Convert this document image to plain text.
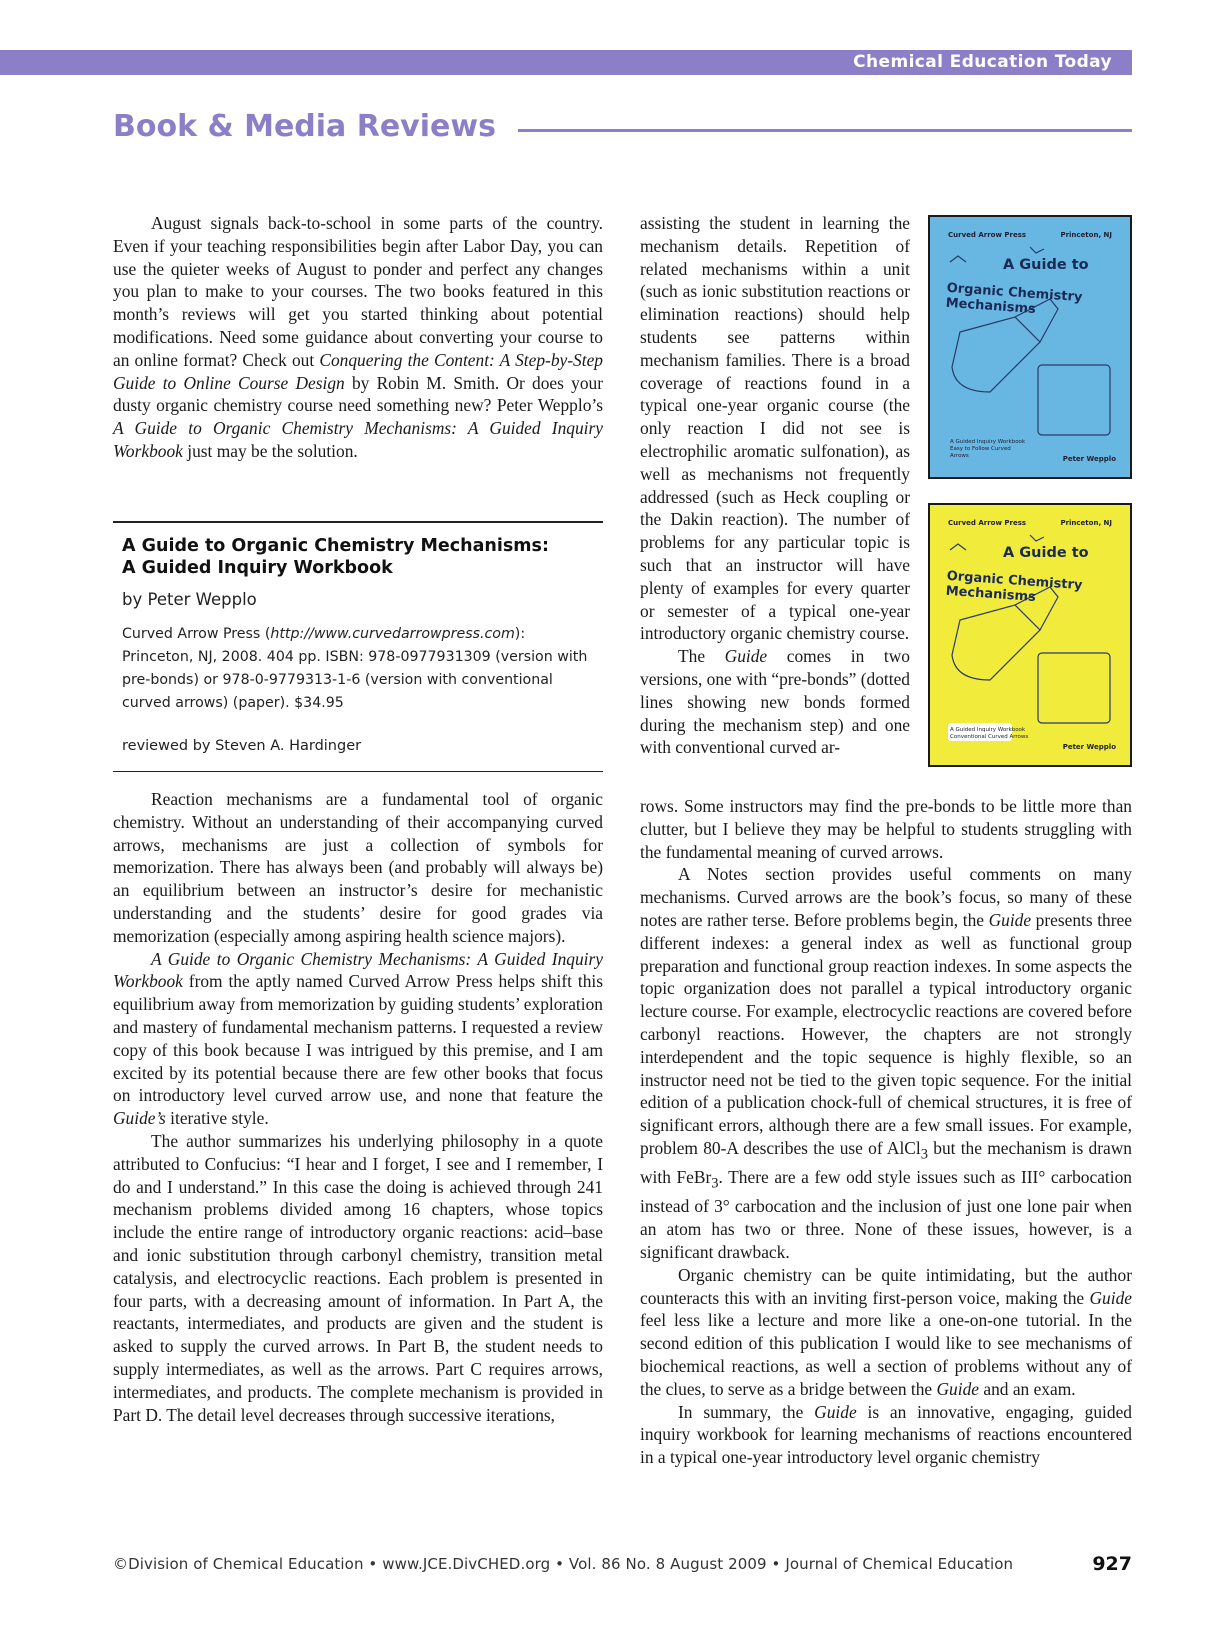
Chemical Education Today
Book & Media Reviews

August signals back-to-school in some parts of the country. Even if your teaching responsibilities begin after Labor Day, you can use the quieter weeks of August to ponder and perfect any changes you plan to make to your courses. The two books featured in this month’s reviews will get you started thinking about potential modifications. Need some guidance about converting your course to an online format? Check out Conquering the Content: A Step-by-Step Guide to Online Course Design by Robin M. Smith. Or does your dusty organic chemistry course need something new? Peter Wepplo’s A Guide to Organic Chemistry Mechanisms: A Guided Inquiry Workbook just may be the solution.

A Guide to Organic Chemistry Mechanisms:
A Guided Inquiry Workbook
by Peter Wepplo
Curved Arrow Press (http://www.curvedarrowpress.com): Princeton, NJ, 2008. 404 pp. ISBN: 978-0977931309 (version with pre-bonds) or 978-0-9779313-1-6 (version with conventional curved arrows) (paper). $34.95
reviewed by Steven A. Hardinger

Reaction mechanisms are a fundamental tool of organic chemistry. Without an understanding of their accompanying curved arrows, mechanisms are just a collection of symbols for memorization. There has always been (and probably will always be) an equilibrium between an instructor’s desire for mechanistic understanding and the students’ desire for good grades via memorization (especially among aspiring health science majors).

A Guide to Organic Chemistry Mechanisms: A Guided Inquiry Workbook from the aptly named Curved Arrow Press helps shift this equilibrium away from memorization by guiding students’ exploration and mastery of fundamental mechanism patterns. I requested a review copy of this book because I was intrigued by this premise, and I am excited by its potential because there are few other books that focus on introductory level curved arrow use, and none that feature the Guide’s iterative style.

The author summarizes his underlying philosophy in a quote attributed to Confucius: “I hear and I forget, I see and I remember, I do and I understand.” In this case the doing is achieved through 241 mechanism problems divided among 16 chapters, whose topics include the entire range of introductory organic reactions: acid–base and ionic substitution through carbonyl chemistry, transition metal catalysis, and electrocyclic reactions. Each problem is presented in four parts, with a decreasing amount of information. In Part A, the reactants, intermediates, and products are given and the student is asked to supply the curved arrows. In Part B, the student needs to supply intermediates, as well as the arrows. Part C requires arrows, intermediates, and products. The complete mechanism is provided in Part D. The detail level decreases through successive iterations,

assisting the student in learning the mechanism details. Repetition of related mechanisms within a unit (such as ionic substitution reactions or elimination reactions) should help students see patterns within mechanism families. There is a broad coverage of reactions found in a typical one-year organic course (the only reaction I did not see is electrophilic aromatic sulfonation), as well as mechanisms not frequently addressed (such as Heck coupling or the Dakin reaction). The number of problems for any particular topic is such that an instructor will have plenty of examples for every quarter or semester of a typical one-year introductory organic chemistry course.

The Guide comes in two versions, one with “pre-bonds” (dotted lines showing new bonds formed during the mechanism step) and one with conventional curved ar-

Curved Arrow Press	Princeton, NJ
A Guide to
Organic Chemistry Mechanisms
A Guided Inquiry Workbook Easy to Follow Curved Arrows	Peter Wepplo
Curved Arrow Press	Princeton, NJ
A Guide to
Organic Chemistry Mechanisms
A Guided Inquiry Workbook Conventional Curved Arrows
Peter Wepplo

rows. Some instructors may find the pre-bonds to be little more than clutter, but I believe they may be helpful to students struggling with the fundamental meaning of curved arrows.

A Notes section provides useful comments on many mechanisms. Curved arrows are the book’s focus, so many of these notes are rather terse. Before problems begin, the Guide presents three different indexes: a general index as well as functional group preparation and functional group reaction indexes. In some aspects the topic organization does not parallel a typical introductory organic lecture course. For example, electrocyclic reactions are covered before carbonyl reactions. However, the chapters are not strongly interdependent and the topic sequence is highly flexible, so an instructor need not be tied to the given topic sequence. For the initial edition of a publication chock-full of chemical structures, it is free of significant errors, although there are a few small issues. For example, problem 80-A describes the use of AlCl$_3$ but the mechanism is drawn with FeBr$_3$. There are a few odd style issues such as III° carbocation instead of 3° carbocation and the inclusion of just one lone pair when an atom has two or three. None of these issues, however, is a significant drawback.

Organic chemistry can be quite intimidating, but the author counteracts this with an inviting first-person voice, making the Guide feel less like a lecture and more like a one-on-one tutorial. In the second edition of this publication I would like to see mechanisms of biochemical reactions, as well a section of problems without any of the clues, to serve as a bridge between the Guide and an exam.

In summary, the Guide is an innovative, engaging, guided inquiry workbook for learning mechanisms of reactions encountered in a typical one-year introductory level organic chemistry

©Division of Chemical Education • www.JCE.DivCHED.org • Vol. 86 No. 8 August 2009 • Journal of Chemical Education	927
